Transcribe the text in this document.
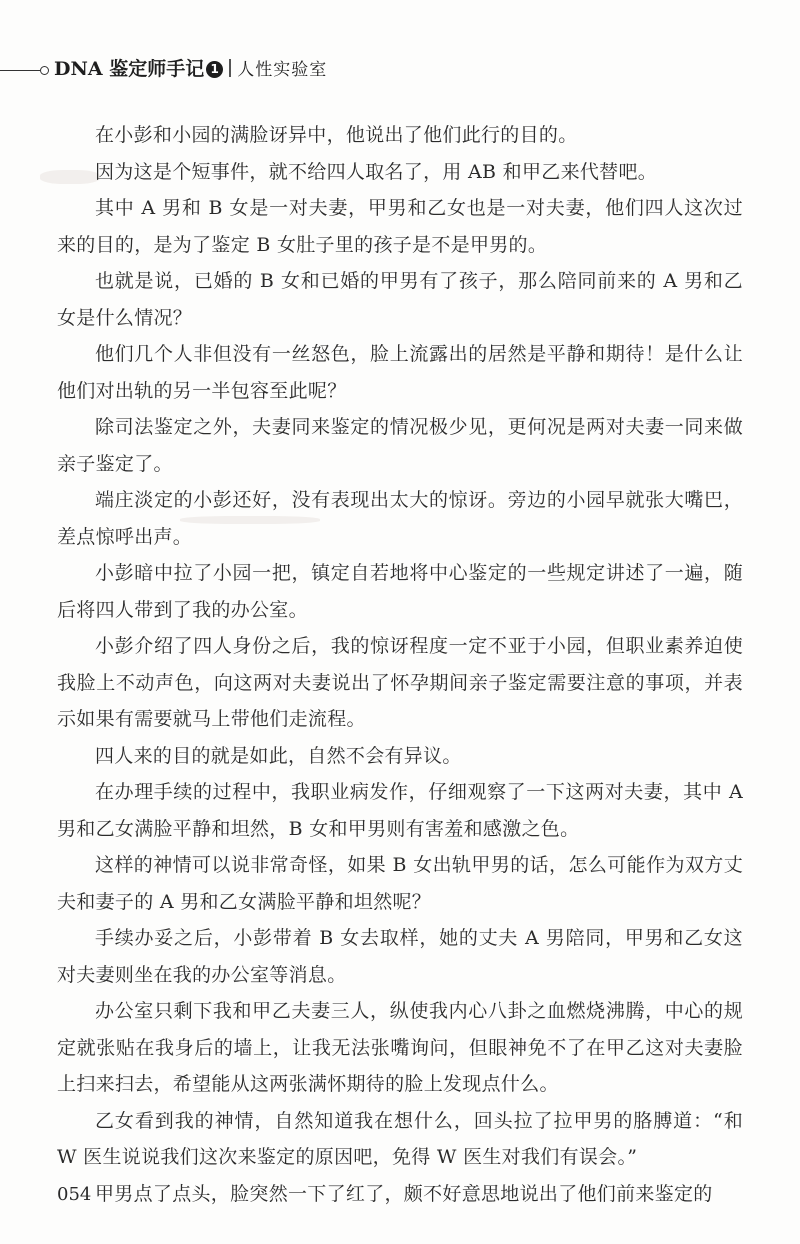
DNA 鉴定师手记 1 人性实验室

在小彭和小园的满脸讶异中，他说出了他们此行的目的。

因为这是个短事件，就不给四人取名了，用 AB 和甲乙来代替吧。

其中 A 男和 B 女是一对夫妻，甲男和乙女也是一对夫妻，他们四人这次过来的目的，是为了鉴定 B 女肚子里的孩子是不是甲男的。

也就是说，已婚的 B 女和已婚的甲男有了孩子，那么陪同前来的 A 男和乙女是什么情况？

他们几个人非但没有一丝怒色，脸上流露出的居然是平静和期待！是什么让他们对出轨的另一半包容至此呢？

除司法鉴定之外，夫妻同来鉴定的情况极少见，更何况是两对夫妻一同来做亲子鉴定了。

端庄淡定的小彭还好，没有表现出太大的惊讶。旁边的小园早就张大嘴巴，差点惊呼出声。

小彭暗中拉了小园一把，镇定自若地将中心鉴定的一些规定讲述了一遍，随后将四人带到了我的办公室。

小彭介绍了四人身份之后，我的惊讶程度一定不亚于小园，但职业素养迫使我脸上不动声色，向这两对夫妻说出了怀孕期间亲子鉴定需要注意的事项，并表示如果有需要就马上带他们走流程。

四人来的目的就是如此，自然不会有异议。

在办理手续的过程中，我职业病发作，仔细观察了一下这两对夫妻，其中 A 男和乙女满脸平静和坦然，B 女和甲男则有害羞和感激之色。

这样的神情可以说非常奇怪，如果 B 女出轨甲男的话，怎么可能作为双方丈夫和妻子的 A 男和乙女满脸平静和坦然呢？

手续办妥之后，小彭带着 B 女去取样，她的丈夫 A 男陪同，甲男和乙女这对夫妻则坐在我的办公室等消息。

办公室只剩下我和甲乙夫妻三人，纵使我内心八卦之血燃烧沸腾，中心的规定就张贴在我身后的墙上，让我无法张嘴询问，但眼神免不了在甲乙这对夫妻脸上扫来扫去，希望能从这两张满怀期待的脸上发现点什么。

乙女看到我的神情，自然知道我在想什么，回头拉了拉甲男的胳膊道：“和 W 医生说说我们这次来鉴定的原因吧，免得 W 医生对我们有误会。”

甲男点了点头，脸突然一下了红了，颇不好意思地说出了他们前来鉴定的

054
